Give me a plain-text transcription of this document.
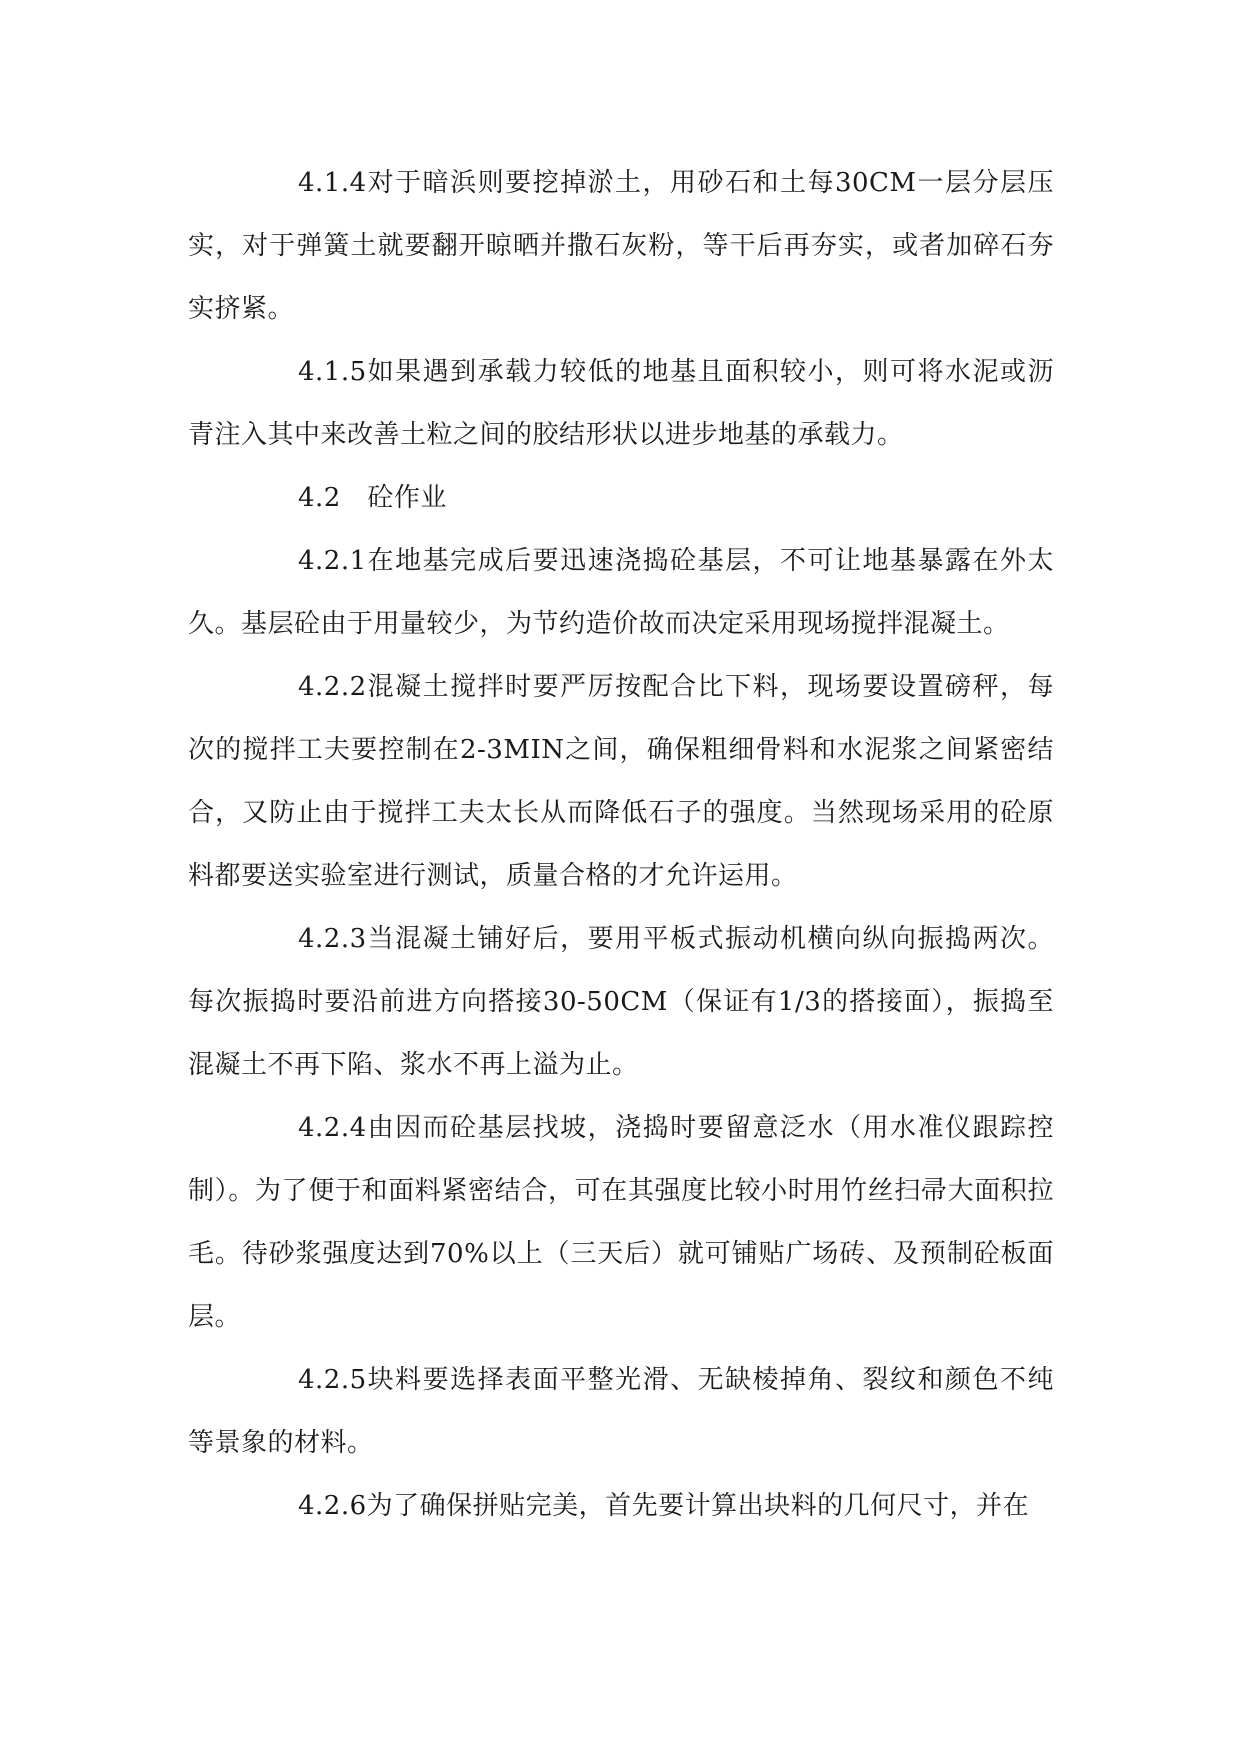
4.1.4对于暗浜则要挖掉淤土，用砂石和土每30CM一层分层压实，对于弹簧土就要翻开晾晒并撒石灰粉，等干后再夯实，或者加碎石夯实挤紧。

4.1.5如果遇到承载力较低的地基且面积较小，则可将水泥或沥青注入其中来改善土粒之间的胶结形状以进步地基的承载力。

4.2　砼作业

4.2.1在地基完成后要迅速浇捣砼基层，不可让地基暴露在外太久。基层砼由于用量较少，为节约造价故而决定采用现场搅拌混凝土。

4.2.2混凝土搅拌时要严厉按配合比下料，现场要设置磅秤，每次的搅拌工夫要控制在2-3MIN之间，确保粗细骨料和水泥浆之间紧密结合，又防止由于搅拌工夫太长从而降低石子的强度。当然现场采用的砼原料都要送实验室进行测试，质量合格的才允许运用。

4.2.3当混凝土铺好后，要用平板式振动机横向纵向振捣两次。每次振捣时要沿前进方向搭接30-50CM（保证有1/3的搭接面），振捣至混凝土不再下陷、浆水不再上溢为止。

4.2.4由因而砼基层找坡，浇捣时要留意泛水（用水准仪跟踪控制）。为了便于和面料紧密结合，可在其强度比较小时用竹丝扫帚大面积拉毛。待砂浆强度达到70%以上（三天后）就可铺贴广场砖、及预制砼板面层。

4.2.5块料要选择表面平整光滑、无缺棱掉角、裂纹和颜色不纯等景象的材料。

4.2.6为了确保拼贴完美，首先要计算出块料的几何尺寸，并在
